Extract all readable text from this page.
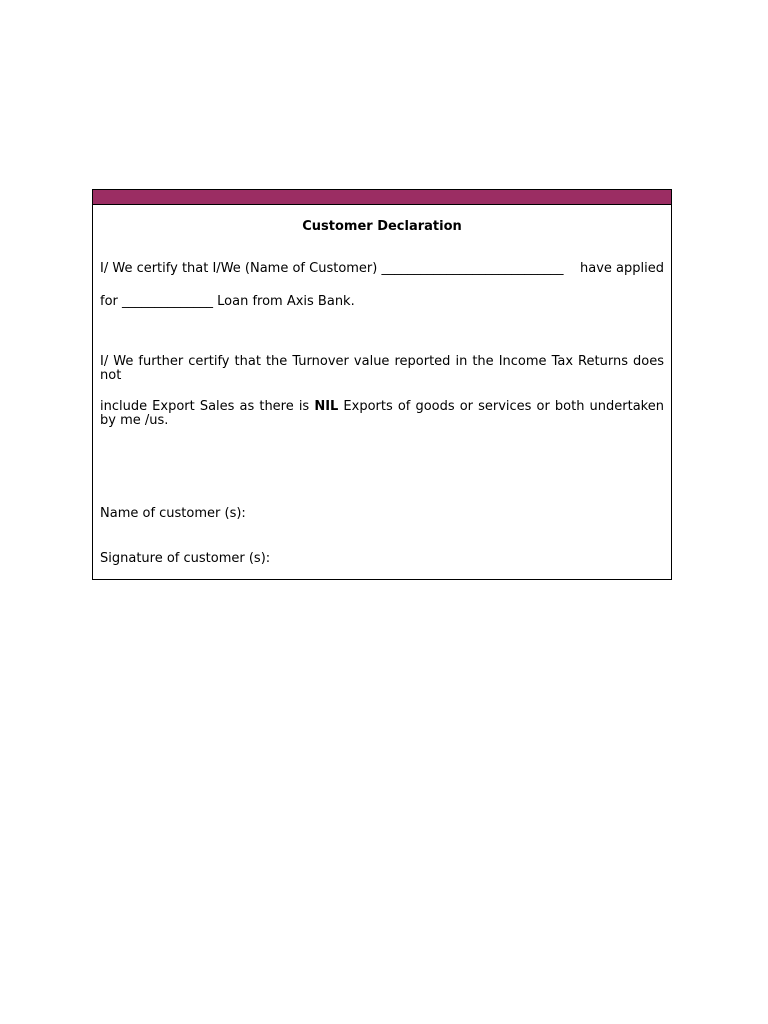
Customer Declaration
I/ We certify that I/We (Name of Customer) ____________________________ have applied
for ______________ Loan from Axis Bank.
I/ We further certify that the Turnover value reported in the Income Tax Returns does not
include Export Sales as there is NIL Exports of goods or services or both undertaken by me /us.
Name of customer (s):
Signature of customer (s):
